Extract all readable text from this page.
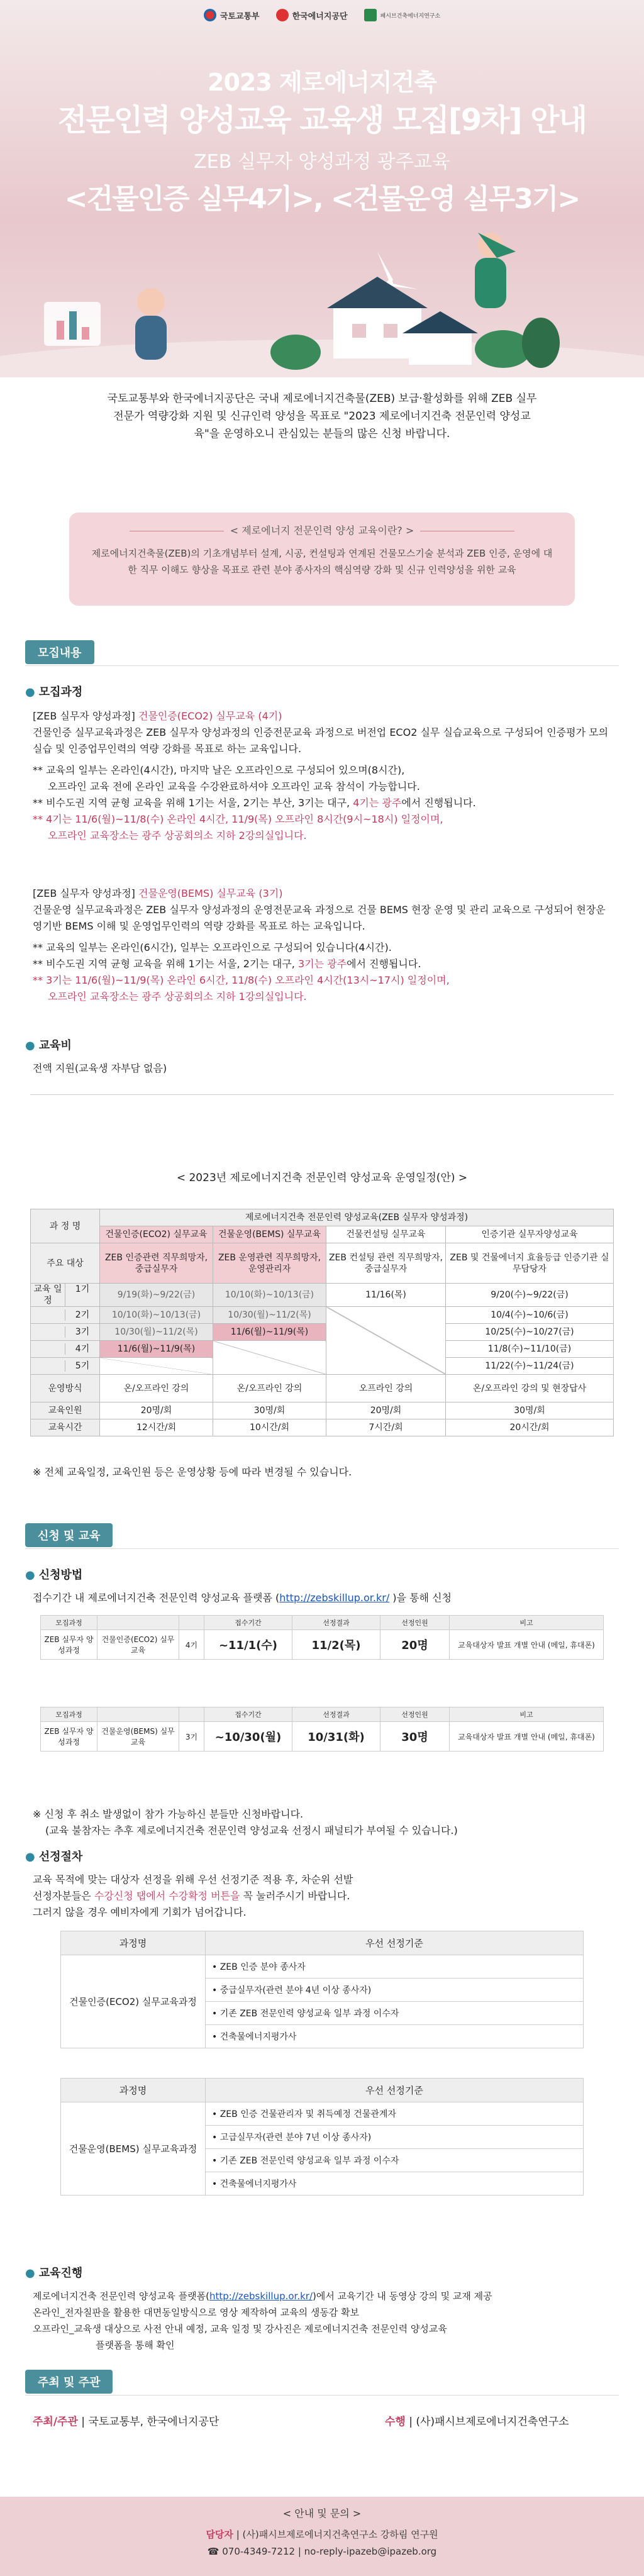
국토교통부	한국에너지공단	패시브건축에너지연구소
2023 제로에너지건축
전문인력 양성교육 교육생 모집[9차] 안내
ZEB 실무자 양성과정 광주교육
<건물인증 실무4기>, <건물운영 실무3기>
국토교통부와 한국에너지공단은 국내 제로에너지건축물(ZEB) 보급·활성화를 위해 ZEB 실무전문가 역량강화 지원 및 신규인력 양성을 목표로 "2023 제로에너지건축 전문인력 양성교육"을 운영하오니 관심있는 분들의 많은 신청 바랍니다.
< 제로에너지 전문인력 양성 교육이란? >
제로에너지건축물(ZEB)의 기초개념부터 설계, 시공, 컨설팅과 연계된 건물모스기술 분석과 ZEB 인증, 운영에 대한 직무 이해도 향상을 목표로 관련 분야 종사자의 핵심역량 강화 및 신규 인력양성을 위한 교육
모집내용
● 모집과정
[ZEB 실무자 양성과정] 건물인증(ECO2) 실무교육 (4기)
건물인증 실무교육과정은 ZEB 실무자 양성과정의 인증전문교육 과정으로 버전업 ECO2 실무 실습교육으로 구성되어 인증평가 모의실습 및 인증업무인력의 역량 강화를 목표로 하는 교육입니다.
** 교육의 일부는 온라인(4시간), 마지막 날은 오프라인으로 구성되어 있으며(8시간),
오프라인 교육 전에 온라인 교육을 수강완료하셔야 오프라인 교육 참석이 가능합니다.
** 비수도권 지역 균형 교육을 위해 1기는 서울, 2기는 부산, 3기는 대구, 4기는 광주에서 진행됩니다.
** 4기는 11/6(월)~11/8(수) 온라인 4시간, 11/9(목) 오프라인 8시간(9시~18시) 일정이며,
오프라인 교육장소는 광주 상공회의소 지하 2강의실입니다.
[ZEB 실무자 양성과정] 건물운영(BEMS) 실무교육 (3기)
건물운영 실무교육과정은 ZEB 실무자 양성과정의 운영전문교육 과정으로 건물 BEMS 현장 운영 및 관리 교육으로 구성되어 현장운영기반 BEMS 이해 및 운영업무인력의 역량 강화를 목표로 하는 교육입니다.
** 교육의 일부는 온라인(6시간), 일부는 오프라인으로 구성되어 있습니다(4시간).
** 비수도권 지역 균형 교육을 위해 1기는 서울, 2기는 대구, 3기는 광주에서 진행됩니다.
** 3기는 11/6(월)~11/9(목) 온라인 6시간, 11/8(수) 오프라인 4시간(13시~17시) 일정이며,
오프라인 교육장소는 광주 상공회의소 지하 1강의실입니다.
● 교육비
전액 지원(교육생 자부담 없음)
< 2023년 제로에너지건축 전문인력 양성교육 운영일정(안) >
과 정 명	제로에너지건축 전문인력 양성교육(ZEB 실무자 양성과정)			
	건물인증(ECO2) 실무교육	건물운영(BEMS) 실무교육	건물컨설팅 실무교육	인증기관 실무자양성교육
주요 대상	ZEB 인증관련 직무희망자, 중급실무자	ZEB 운영관련 직무희망자, 운영관리자	ZEB 컨설팅 관련 직무희망자, 중급실무자	ZEB 및 건물에너지 효율등급 인증기관 실무담당자

교육 일정
1기	9/19(화)~9/22(금)	10/10(화)~10/13(금)	11/16(목)	9/20(수)~9/22(금)

2기	10/10(화)~10/13(금)	10/30(월)~11/2(목)		10/4(수)~10/6(금)

3기	10/30(월)~11/2(목)	11/6(월)~11/9(목)		10/25(수)~10/27(금)

4기	11/6(월)~11/9(목)			11/8(수)~11/10(금)

5기				11/22(수)~11/24(금)
운영방식	온/오프라인 강의	온/오프라인 강의	오프라인 강의	온/오프라인 강의 및 현장답사
교육인원	20명/회	30명/회	20명/회	30명/회
교육시간	12시간/회	10시간/회	7시간/회	20시간/회
※ 전체 교육일정, 교육인원 등은 운영상황 등에 따라 변경될 수 있습니다.
신청 및 교육
● 신청방법
접수기간 내 제로에너지건축 전문인력 양성교육 플랫폼 (http://zebskillup.or.kr/ )을 통해 신청
모집과정			접수기간	선정결과	선정인원	비고
ZEB 실무자 양성과정	건물인증(ECO2) 실무교육	4기	~11/1(수)	11/2(목)	20명	교육대상자 발표 개별 안내 (메일, 휴대폰)
모집과정			접수기간	선정결과	선정인원	비고
ZEB 실무자 양성과정	건물운영(BEMS) 실무교육	3기	~10/30(월)	10/31(화)	30명	교육대상자 발표 개별 안내 (메일, 휴대폰)
※ 신청 후 취소 발생없이 참가 가능하신 분들만 신청바랍니다.
(교육 불참자는 추후 제로에너지건축 전문인력 양성교육 선정시 패널티가 부여될 수 있습니다.)
● 선정절차
교육 목적에 맞는 대상자 선정을 위해 우선 선정기준 적용 후, 차순위 선발
선정자분들은 수강신청 탭에서 수강확정 버튼을 꼭 눌러주시기 바랍니다.
그러지 않을 경우 예비자에게 기회가 넘어갑니다.
과정명	우선 선정기준
건물인증(ECO2) 실무교육과정	• ZEB 인증 분야 종사자
	• 중급실무자(관련 분야 4년 이상 종사자)
	• 기존 ZEB 전문인력 양성교육 일부 과정 이수자
	• 건축물에너지평가사
과정명	우선 선정기준
건물운영(BEMS) 실무교육과정	• ZEB 인증 건물관리자 및 취득예정 건물관계자
	• 고급실무자(관련 분야 7년 이상 종사자)
	• 기존 ZEB 전문인력 양성교육 일부 과정 이수자
	• 건축물에너지평가사
● 교육진행
제로에너지건축 전문인력 양성교육 플랫폼(http://zebskillup.or.kr/)에서 교육기간 내 동영상 강의 및 교재 제공
온라인_전자칠판을 활용한 대면동일방식으로 영상 제작하여 교육의 생동감 확보
오프라인_교육생 대상으로 사전 안내 예정, 교육 일정 및 강사진은 제로에너지건축 전문인력 양성교육
플랫폼을 통해 확인
주최 및 주관
주최/주관 | 국토교통부, 한국에너지공단	수행 | (사)패시브제로에너지건축연구소
< 안내 및 문의 >
담당자 | (사)패시브제로에너지건축연구소 강하림 연구원
☎ 070-4349-7212 | no-reply-ipazeb@ipazeb.org
